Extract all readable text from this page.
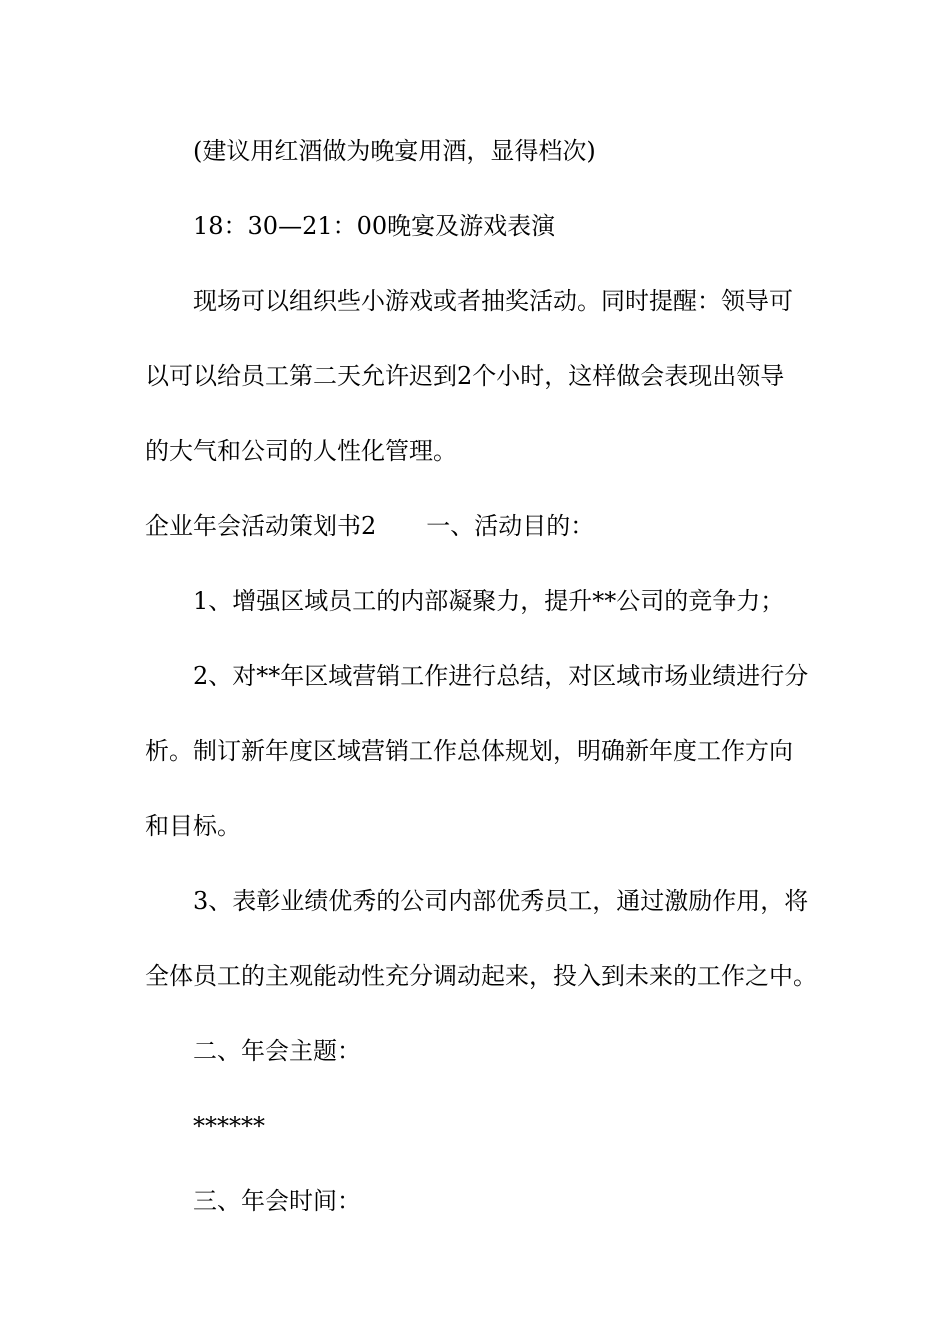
(建议用红酒做为晚宴用酒，显得档次)
18：30—21：00晚宴及游戏表演
现场可以组织些小游戏或者抽奖活动。同时提醒：领导可
以可以给员工第二天允许迟到2个小时，这样做会表现出领导
的大气和公司的人性化管理。
企业年会活动策划书2 一、活动目的：
1、增强区域员工的内部凝聚力，提升**公司的竞争力；
2、对**年区域营销工作进行总结，对区域市场业绩进行分
析。制订新年度区域营销工作总体规划，明确新年度工作方向
和目标。
3、表彰业绩优秀的公司内部优秀员工，通过激励作用，将
全体员工的主观能动性充分调动起来，投入到未来的工作之中。
二、年会主题：
******
三、年会时间：
